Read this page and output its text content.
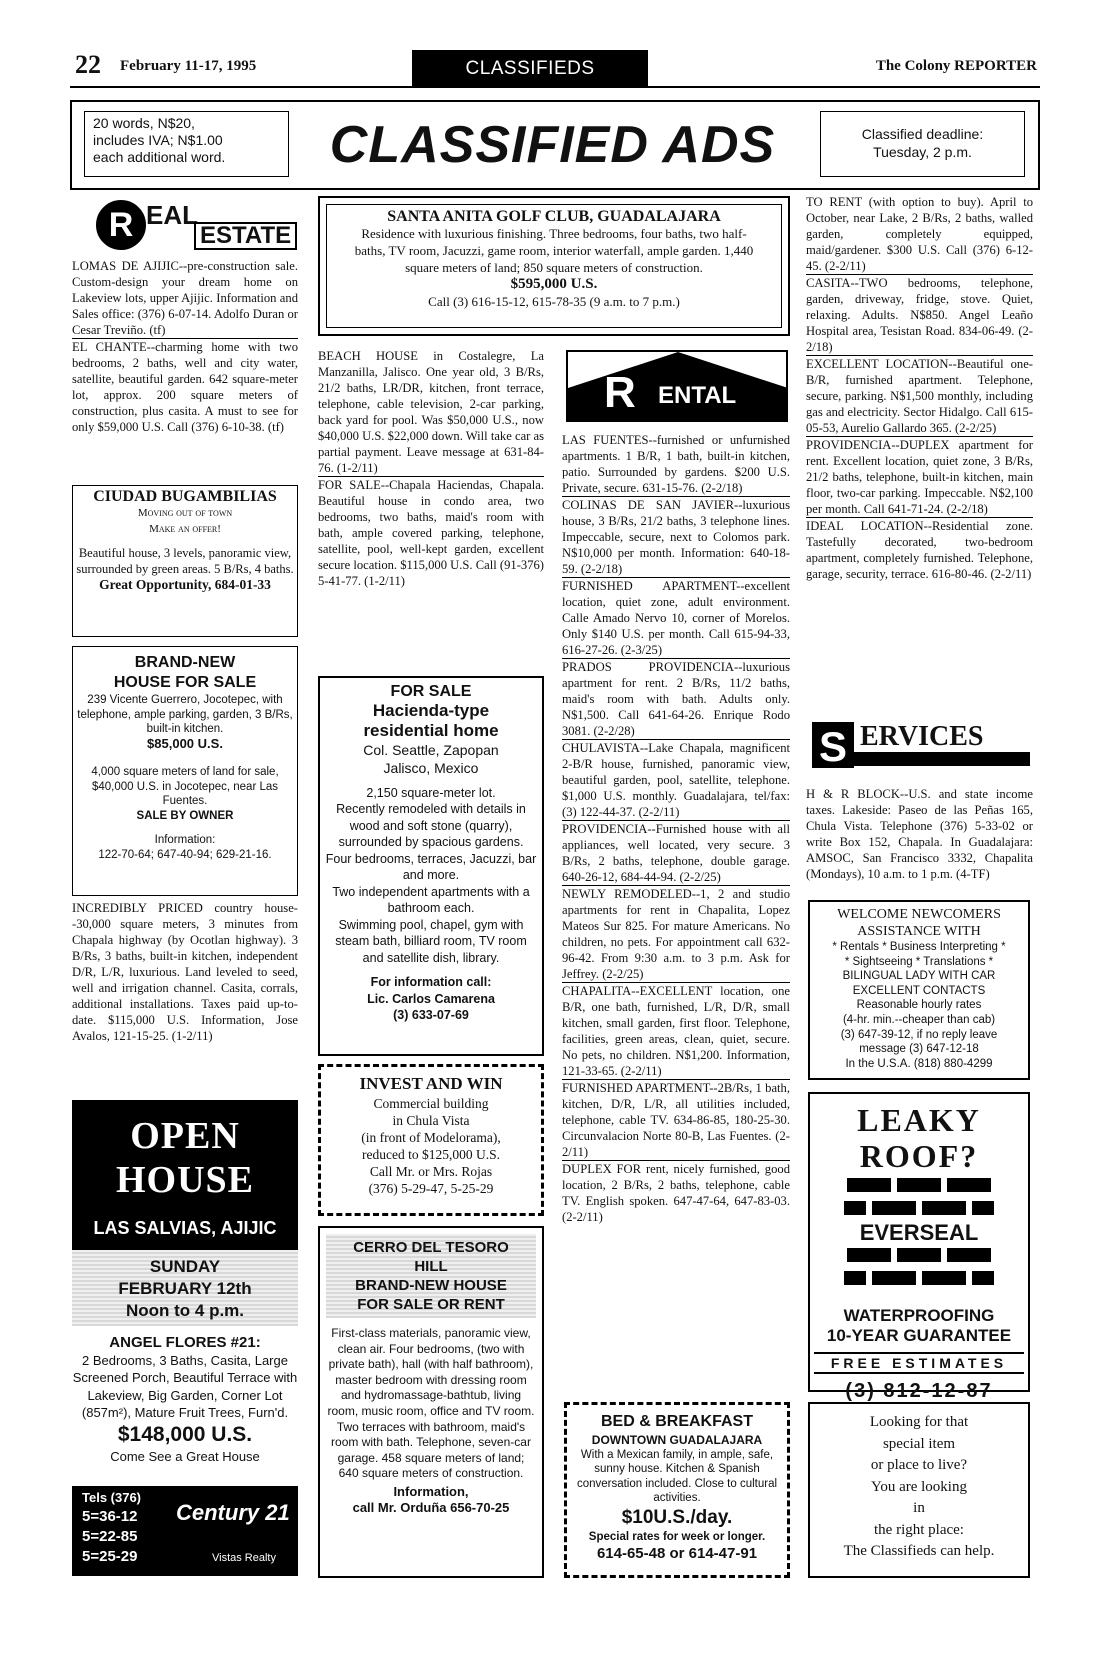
22 February 11-17, 1995	CLASSIFIEDS	The Colony REPORTER
20 words, N$20,
includes IVA; N$1.00
each additional word.	CLASSIFIED ADS	Classified deadline:
Tuesday, 2 p.m.
R EAL
ESTATE

LOMAS DE AJIJIC--pre-construction sale. Custom-design your dream home on Lakeview lots, upper Ajijic. Information and Sales office: (376) 6-07-14. Adolfo Duran or Cesar Treviño. (tf)

EL CHANTE--charming home with two bedrooms, 2 baths, well and city water, satellite, beautiful garden. 642 square-meter lot, approx. 200 square meters of construction, plus casita. A must to see for only $59,000 U.S. Call (376) 6-10-38. (tf)

CIUDAD BUGAMBILIAS
Moving out of town
Make an offer!
Beautiful house, 3 levels, panoramic view, surrounded by green areas. 5 B/Rs, 4 baths.
Great Opportunity, 684-01-33
BRAND-NEW
HOUSE FOR SALE
239 Vicente Guerrero, Jocotepec, with telephone, ample parking, garden, 3 B/Rs, built-in kitchen.
$85,000 U.S.
4,000 square meters of land for sale, $40,000 U.S. in Jocotepec, near Las Fuentes.
SALE BY OWNER
Information:
122-70-64; 647-40-94; 629-21-16.
INCREDIBLY PRICED country house--30,000 square meters, 3 minutes from Chapala highway (by Ocotlan highway). 3 B/Rs, 3 baths, built-in kitchen, independent D/R, L/R, luxurious. Land leveled to seed, well and irrigation channel. Casita, corrals, additional installations. Taxes paid up-to-date. $115,000 U.S. Information, Jose Avalos, 121-15-25. (1-2/11)
OPEN
HOUSE
LAS SALVIAS, AJIJIC
SUNDAY
FEBRUARY 12th
Noon to 4 p.m.
ANGEL FLORES #21:
2 Bedrooms, 3 Baths, Casita, Large Screened Porch, Beautiful Terrace with Lakeview, Big Garden, Corner Lot (857m²), Mature Fruit Trees, Furn'd.
$148,000 U.S.
Come See a Great House
Tels (376)
5=36-12
5=22-85
5=25-29
Century 21
Vistas Realty
SANTA ANITA GOLF CLUB, GUADALAJARA
Residence with luxurious finishing. Three bedrooms, four baths, two half-baths, TV room, Jacuzzi, game room, interior waterfall, ample garden. 1,440 square meters of land; 850 square meters of construction.
$595,000 U.S.
Call (3) 616-15-12, 615-78-35 (9 a.m. to 7 p.m.)

BEACH HOUSE in Costalegre, La Manzanilla, Jalisco. One year old, 3 B/Rs, 21/2 baths, LR/DR, kitchen, front terrace, telephone, cable television, 2-car parking, back yard for pool. Was $50,000 U.S., now $40,000 U.S. $22,000 down. Will take car as partial payment. Leave message at 631-84-76. (1-2/11)

FOR SALE--Chapala Haciendas, Chapala. Beautiful house in condo area, two bedrooms, two baths, maid's room with bath, ample covered parking, telephone, satellite, pool, well-kept garden, excellent secure location. $115,000 U.S. Call (91-376) 5-41-77. (1-2/11)

FOR SALE
Hacienda-type
residential home
Col. Seattle, Zapopan Jalisco, Mexico
2,150 square-meter lot.
Recently remodeled with details in wood and soft stone (quarry), surrounded by spacious gardens.
Four bedrooms, terraces, Jacuzzi, bar and more.
Two independent apartments with a bathroom each.
Swimming pool, chapel, gym with steam bath, billiard room, TV room and satellite dish, library.
For information call:
Lic. Carlos Camarena
(3) 633-07-69
INVEST AND WIN
Commercial building
in Chula Vista
(in front of Modelorama),
reduced to $125,000 U.S.
Call Mr. or Mrs. Rojas
(376) 5-29-47, 5-25-29
CERRO DEL TESORO
HILL
BRAND-NEW HOUSE
FOR SALE OR RENT
First-class materials, panoramic view, clean air. Four bedrooms, (two with private bath), hall (with half bathroom), master bedroom with dressing room and hydromassage-bathtub, living room, music room, office and TV room. Two terraces with bathroom, maid's room with bath. Telephone, seven-car garage. 458 square meters of land; 640 square meters of construction.
Information,
call Mr. Orduña 656-70-25
R ENTAL

LAS FUENTES--furnished or unfurnished apartments. 1 B/R, 1 bath, built-in kitchen, patio. Surrounded by gardens. $200 U.S. Private, secure. 631-15-76. (2-2/18)

COLINAS DE SAN JAVIER--luxurious house, 3 B/Rs, 21/2 baths, 3 telephone lines. Impeccable, secure, next to Colomos park. N$10,000 per month. Information: 640-18-59. (2-2/18)

FURNISHED APARTMENT--excellent location, quiet zone, adult environment. Calle Amado Nervo 10, corner of Morelos. Only $140 U.S. per month. Call 615-94-33, 616-27-26. (2-3/25)

PRADOS PROVIDENCIA--luxurious apartment for rent. 2 B/Rs, 11/2 baths, maid's room with bath. Adults only. N$1,500. Call 641-64-26. Enrique Rodo 3081. (2-2/28)

CHULAVISTA--Lake Chapala, magnificent 2-B/R house, furnished, panoramic view, beautiful garden, pool, satellite, telephone. $1,000 U.S. monthly. Guadalajara, tel/fax: (3) 122-44-37. (2-2/11)

PROVIDENCIA--Furnished house with all appliances, well located, very secure. 3 B/Rs, 2 baths, telephone, double garage. 640-26-12, 684-44-94. (2-2/25)

NEWLY REMODELED--1, 2 and studio apartments for rent in Chapalita, Lopez Mateos Sur 825. For mature Americans. No children, no pets. For appointment call 632-96-42. From 9:30 a.m. to 3 p.m. Ask for Jeffrey. (2-2/25)

CHAPALITA--EXCELLENT location, one B/R, one bath, furnished, L/R, D/R, small kitchen, small garden, first floor. Telephone, facilities, green areas, clean, quiet, secure. No pets, no children. N$1,200. Information, 121-33-65. (2-2/11)

FURNISHED APARTMENT--2B/Rs, 1 bath, kitchen, D/R, L/R, all utilities included, telephone, cable TV. 634-86-85, 180-25-30. Circunvalacion Norte 80-B, Las Fuentes. (2-2/11)

DUPLEX FOR rent, nicely furnished, good location, 2 B/Rs, 2 baths, telephone, cable TV. English spoken. 647-47-64, 647-83-03. (2-2/11)

BED & BREAKFAST
DOWNTOWN GUADALAJARA
With a Mexican family, in ample, safe, sunny house. Kitchen & Spanish conversation included. Close to cultural activities.
$10U.S./day.
Special rates for week or longer.
614-65-48 or 614-47-91

TO RENT (with option to buy). April to October, near Lake, 2 B/Rs, 2 baths, walled garden, completely equipped, maid/gardener. $300 U.S. Call (376) 6-12-45. (2-2/11)

CASITA--TWO bedrooms, telephone, garden, driveway, fridge, stove. Quiet, relaxing. Adults. N$850. Angel Leaño Hospital area, Tesistan Road. 834-06-49. (2-2/18)

EXCELLENT LOCATION--Beautiful one-B/R, furnished apartment. Telephone, secure, parking. N$1,500 monthly, including gas and electricity. Sector Hidalgo. Call 615-05-53, Aurelio Gallardo 365. (2-2/25)

PROVIDENCIA--DUPLEX apartment for rent. Excellent location, quiet zone, 3 B/Rs, 21/2 baths, telephone, built-in kitchen, main floor, two-car parking. Impeccable. N$2,100 per month. Call 641-71-24. (2-2/18)

IDEAL LOCATION--Residential zone. Tastefully decorated, two-bedroom apartment, completely furnished. Telephone, garage, security, terrace. 616-80-46. (2-2/11)

S ERVICES
H & R BLOCK--U.S. and state income taxes. Lakeside: Paseo de las Peñas 165, Chula Vista. Telephone (376) 5-33-02 or write Box 152, Chapala. In Guadalajara: AMSOC, San Francisco 3332, Chapalita (Mondays), 10 a.m. to 1 p.m. (4-TF)
WELCOME NEWCOMERS
ASSISTANCE WITH
* Rentals * Business Interpreting *
* Sightseeing * Translations *
BILINGUAL LADY WITH CAR
EXCELLENT CONTACTS
Reasonable hourly rates
(4-hr. min.--cheaper than cab)
(3) 647-39-12, if no reply leave
message (3) 647-12-18
In the U.S.A. (818) 880-4299
LEAKY
ROOF?
EVERSEAL
WATERPROOFING
10-YEAR GUARANTEE
FREE ESTIMATES
(3) 812-12-87
Looking for that
special item
or place to live?
You are looking
in
the right place:
The Classifieds can help.
